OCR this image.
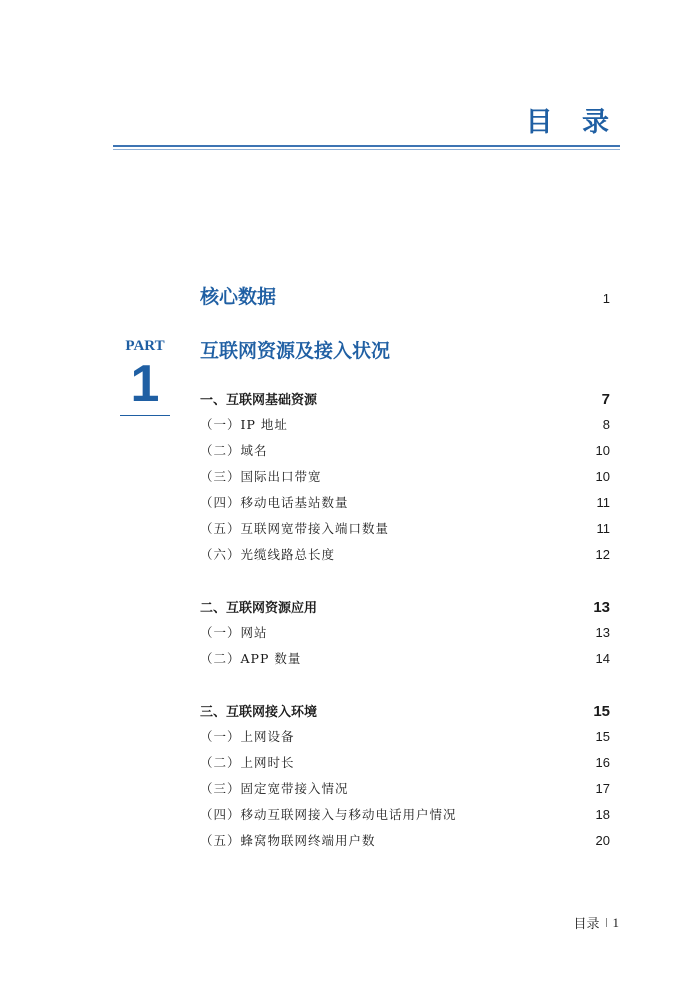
目 录
PART
1
核心数据	1
互联网资源及接入状况
一、互联网基础资源	7
（一）IP 地址	8
（二）域名	10
（三）国际出口带宽	10
（四）移动电话基站数量	11
（五）互联网宽带接入端口数量	11
（六）光缆线路总长度	12
二、互联网资源应用	13
（一）网站	13
（二）APP 数量	14
三、互联网接入环境	15
（一）上网设备	15
（二）上网时长	16
（三）固定宽带接入情况	17
（四）移动互联网接入与移动电话用户情况	18
（五）蜂窝物联网终端用户数	20
目录 1
